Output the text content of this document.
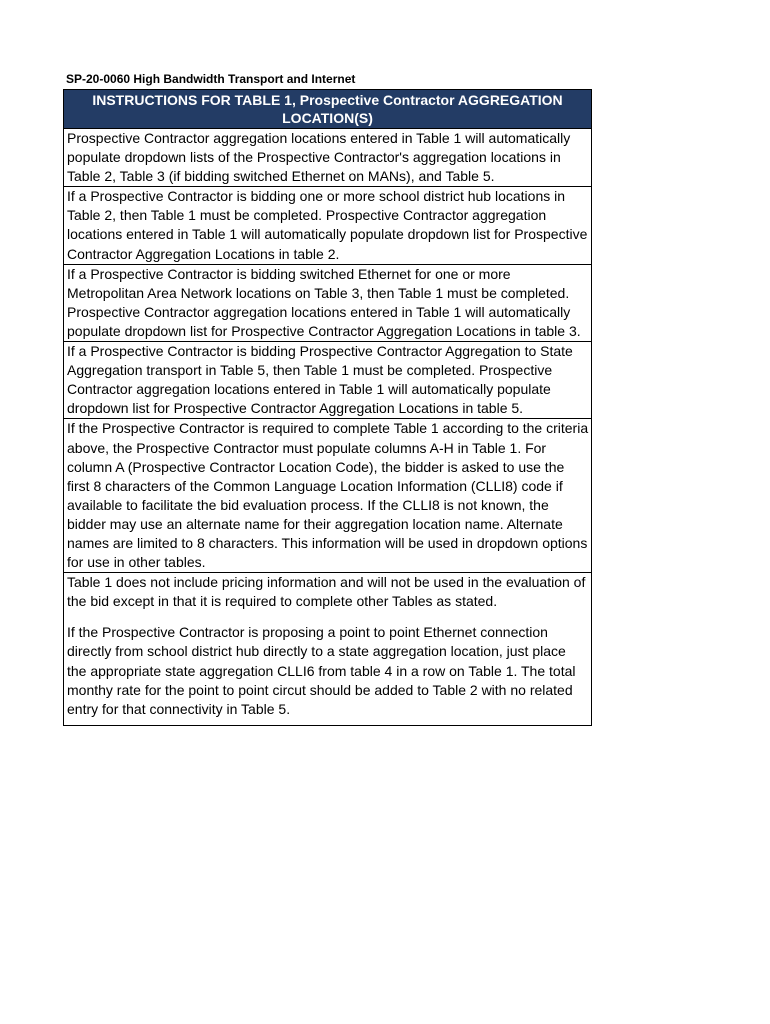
SP-20-0060 High Bandwidth Transport and Internet
INSTRUCTIONS FOR TABLE 1, Prospective Contractor AGGREGATION LOCATION(S)
Prospective Contractor aggregation locations entered in Table 1 will automatically populate dropdown lists of the Prospective Contractor's aggregation locations in Table 2, Table 3 (if bidding switched Ethernet on MANs), and Table 5.
If a Prospective Contractor is bidding one or more school district hub locations in Table 2, then Table 1 must be completed. Prospective Contractor aggregation locations entered in Table 1 will automatically populate dropdown list for Prospective Contractor Aggregation Locations in table 2.
If a Prospective Contractor is bidding switched Ethernet for one or more Metropolitan Area Network locations on Table 3, then Table 1 must be completed. Prospective Contractor aggregation locations entered in Table 1 will automatically populate dropdown list for Prospective Contractor Aggregation Locations in table 3.
If a Prospective Contractor is bidding Prospective Contractor Aggregation to State Aggregation transport in Table 5, then Table 1 must be completed. Prospective Contractor aggregation locations entered in Table 1 will automatically populate dropdown list for Prospective Contractor Aggregation Locations in table 5.
If the Prospective Contractor is required to complete Table 1 according to the criteria above, the Prospective Contractor must populate columns A-H in Table 1. For column A (Prospective Contractor Location Code), the bidder is asked to use the first 8 characters of the Common Language Location Information (CLLI8) code if available to facilitate the bid evaluation process. If the CLLI8 is not known, the bidder may use an alternate name for their aggregation location name. Alternate names are limited to 8 characters. This information will be used in dropdown options for use in other tables.
Table 1 does not include pricing information and will not be used in the evaluation of the bid except in that it is required to complete other Tables as stated.
If the Prospective Contractor is proposing a point to point Ethernet connection directly from school district hub directly to a state aggregation location, just place the appropriate state aggregation CLLI6 from table 4 in a row on Table 1. The total monthy rate for the point to point circut should be added to Table 2 with no related entry for that connectivity in Table 5.
